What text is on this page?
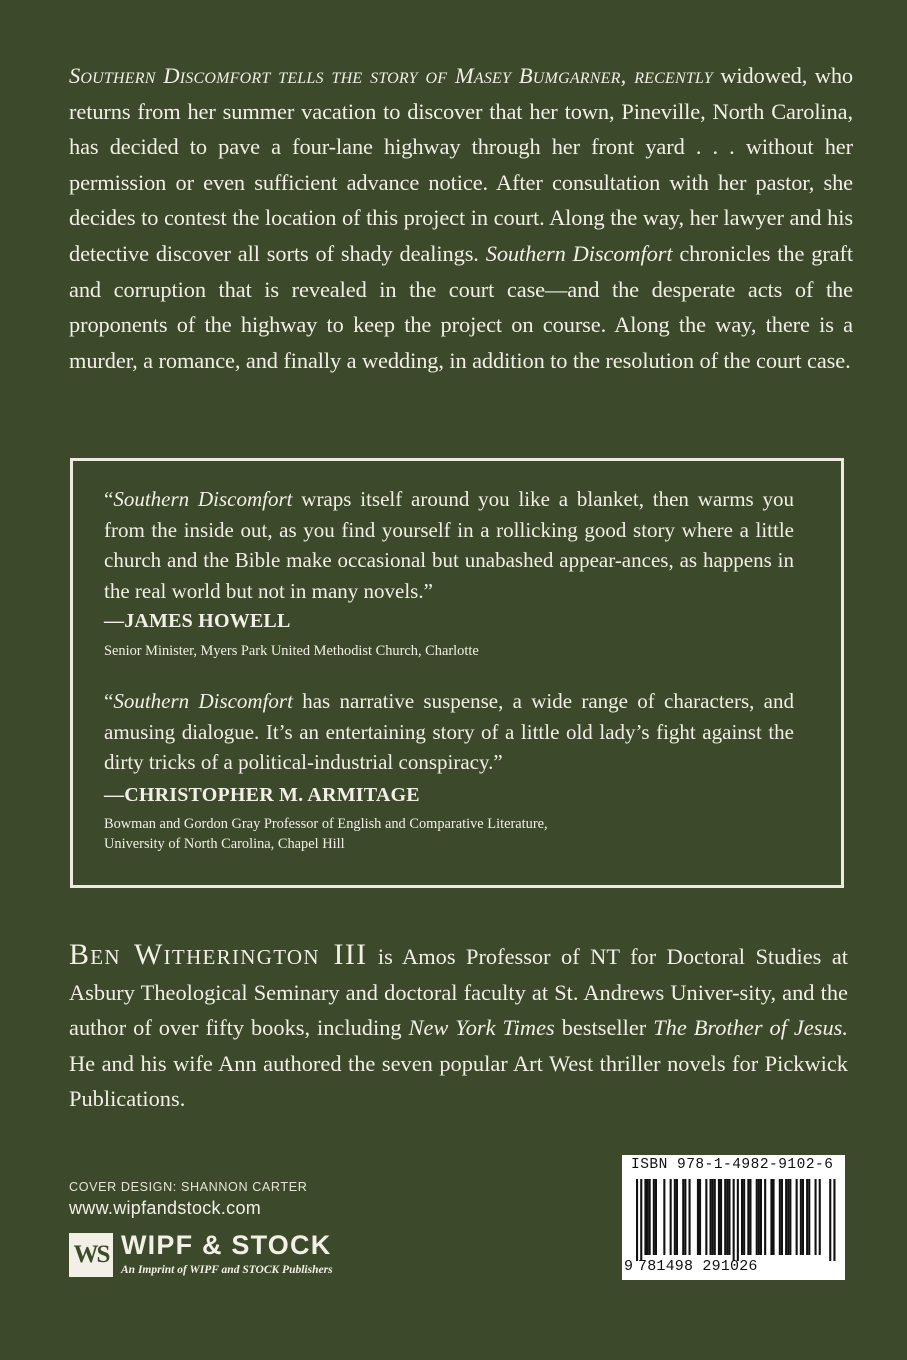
Southern Discomfort tells the story of Masey Bumgarner, recently widowed, who returns from her summer vacation to discover that her town, Pineville, North Carolina, has decided to pave a four-lane highway through her front yard . . . without her permission or even sufficient advance notice. After consultation with her pastor, she decides to contest the location of this project in court. Along the way, her lawyer and his detective discover all sorts of shady dealings. Southern Discomfort chronicles the graft and corruption that is revealed in the court case—and the desperate acts of the proponents of the highway to keep the project on course. Along the way, there is a murder, a romance, and finally a wedding, in addition to the resolution of the court case.
“Southern Discomfort wraps itself around you like a blanket, then warms you from the inside out, as you find yourself in a rollicking good story where a little church and the Bible make occasional but unabashed appear-ances, as happens in the real world but not in many novels.”
—JAMES HOWELL
Senior Minister, Myers Park United Methodist Church, Charlotte
“Southern Discomfort has narrative suspense, a wide range of characters, and amusing dialogue. It’s an entertaining story of a little old lady’s fight against the dirty tricks of a political-industrial conspiracy.”
—CHRISTOPHER M. ARMITAGE
Bowman and Gordon Gray Professor of English and Comparative Literature,
University of North Carolina, Chapel Hill
Ben Witherington III is Amos Professor of NT for Doctoral Studies at Asbury Theological Seminary and doctoral faculty at St. Andrews Univer-sity, and the author of over fifty books, including New York Times bestseller The Brother of Jesus. He and his wife Ann authored the seven popular Art West thriller novels for Pickwick Publications.
COVER DESIGN: SHANNON CARTER
www.wipfandstock.com
WS WIPF & STOCK
An Imprint of WIPF and STOCK Publishers
ISBN 978-1-4982-9102-6
9 781498 291026
